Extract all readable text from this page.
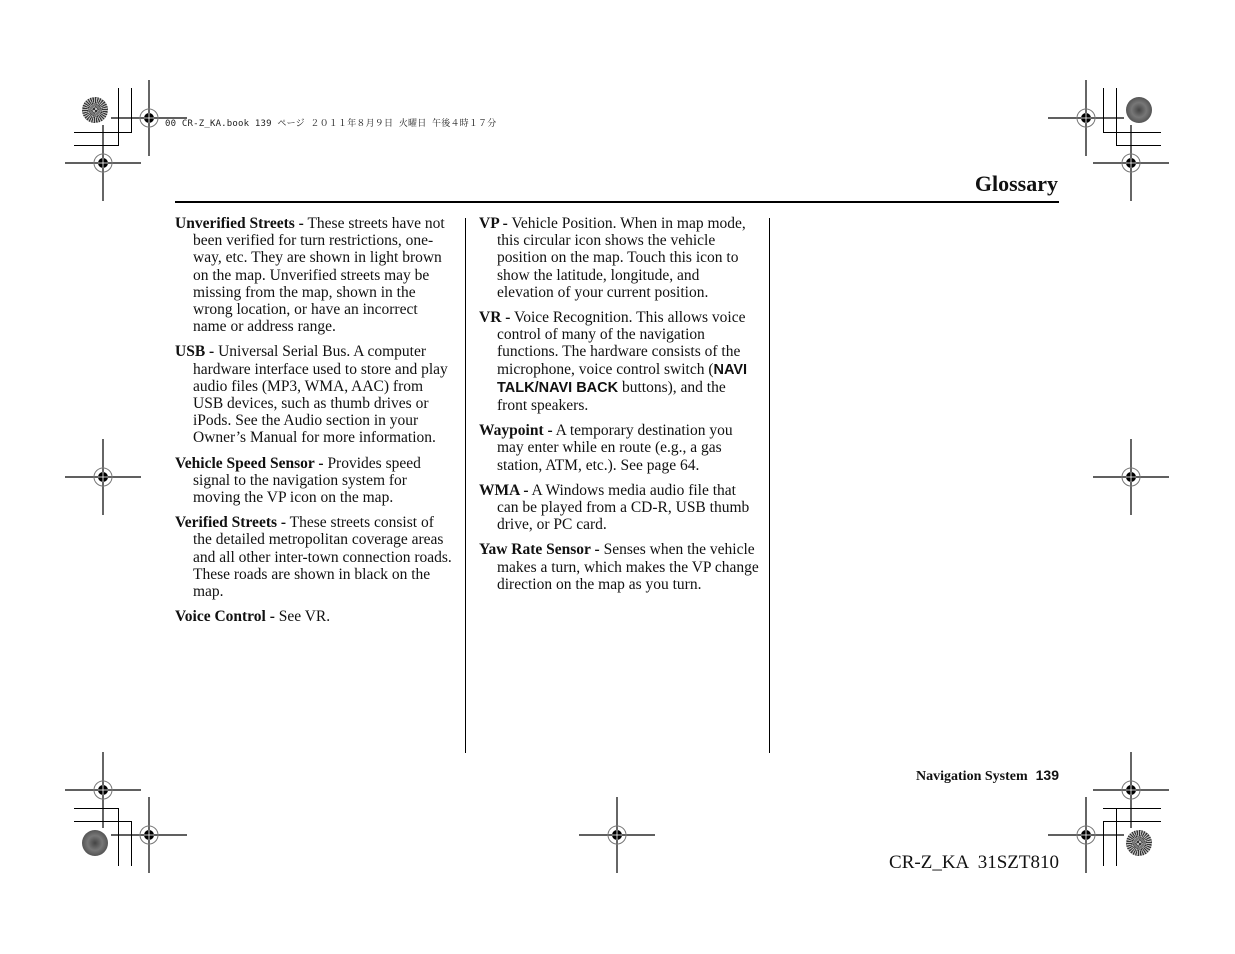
00 CR-Z_KA.book 139 ページ ２０１１年８月９日 火曜日 午後４時１７分
Glossary
Unverified Streets - These streets have not been verified for turn restrictions, one-way, etc. They are shown in light brown on the map. Unverified streets may be missing from the map, shown in the wrong location, or have an incorrect name or address range.
USB - Universal Serial Bus. A computer hardware interface used to store and play audio files (MP3, WMA, AAC) from USB devices, such as thumb drives or iPods. See the Audio section in your Owner’s Manual for more information.
Vehicle Speed Sensor - Provides speed signal to the navigation system for moving the VP icon on the map.
Verified Streets - These streets consist of the detailed metropolitan coverage areas and all other inter-town connection roads. These roads are shown in black on the map.
Voice Control - See VR.
VP - Vehicle Position. When in map mode, this circular icon shows the vehicle position on the map. Touch this icon to show the latitude, longitude, and elevation of your current position.
VR - Voice Recognition. This allows voice control of many of the navigation functions. The hardware consists of the microphone, voice control switch (NAVI TALK/NAVI BACK buttons), and the front speakers.
Waypoint - A temporary destination you may enter while en route (e.g., a gas station, ATM, etc.). See page 64.
WMA - A Windows media audio file that can be played from a CD-R, USB thumb drive, or PC card.
Yaw Rate Sensor - Senses when the vehicle makes a turn, which makes the VP change direction on the map as you turn.
Navigation System 139
CR-Z_KA  31SZT810
